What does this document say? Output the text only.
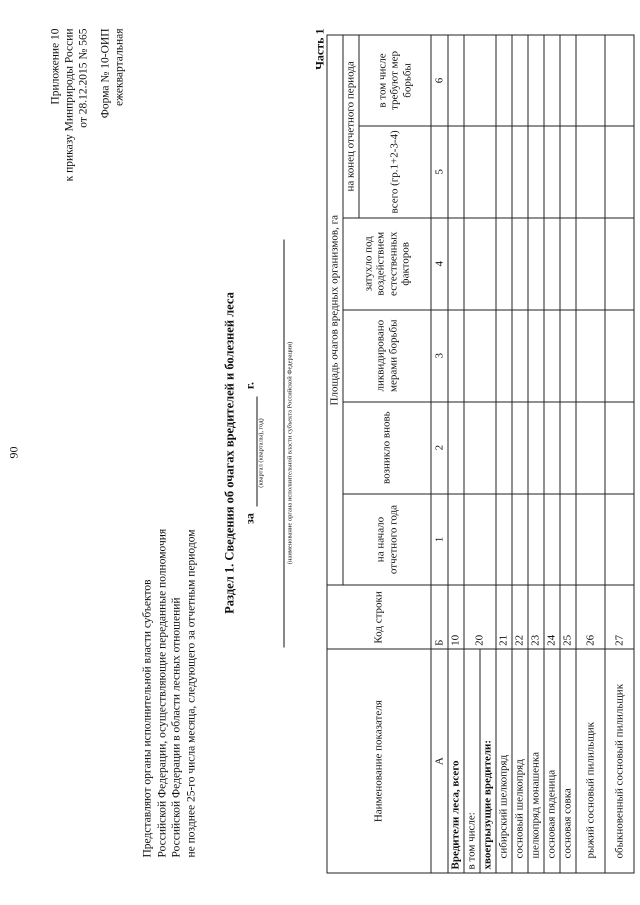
90
Приложение 10 к приказу Минприроды России от 28.12.2015 № 565 Форма № 10-ОИП ежеквартальная
Представляют органы исполнительной власти субъектов Российской Федерации, осуществляющие переданные полномочия Российской Федерации в области лесных отношений не позднее 25-го числа месяца, следующего за отчетным периодом
Раздел 1. Сведения об очагах вредителей и болезней леса за  г.
(квартал (кварталы), год)	(наименование органа исполнительной власти субъекта Российской Федерации)
Часть 1
Наименование показателя	Код строки	Площадь очагов вредных организмов, га					
		на начало отчетного года	возникло вновь	ликвидировано мерами борьбы	затухло под воздействием естественных факторов	на конец отчетного периода	
						всего (гр.1+2-3-4)	в том числе требуют мер борьбы
А	Б	1	2	3	4	5	6
Вредители леса, всего	10						
в том числе:	20						
хвоегрызущие вредители:							
сибирский шелкопряд	21						
сосновый шелкопряд	22						
шелкопряд монашенка	23						
сосновая пяденица	24						
сосновая совка	25						
рыжий сосновый пилильщик	26						
обыкновенный сосновый пилильщик	27						
